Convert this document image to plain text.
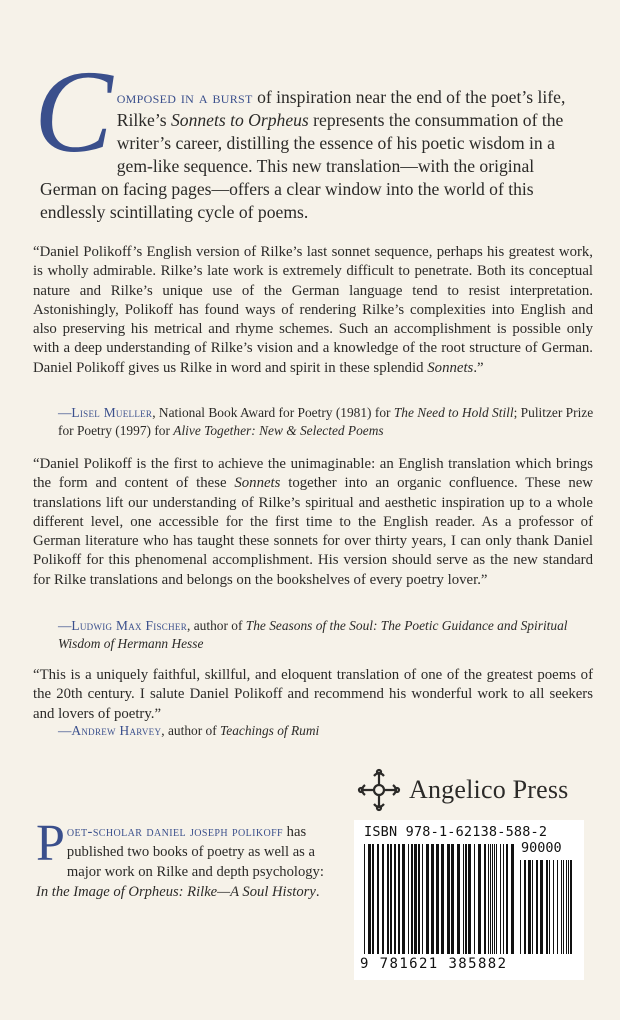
Composed in a burst of inspiration near the end of the poet’s life, Rilke’s Sonnets to Orpheus represents the consummation of the writer’s career, distilling the essence of his poetic wisdom in a gem-like sequence. This new translation—with the original German on facing pages—offers a clear window into the world of this endlessly scintillating cycle of poems.
“Daniel Polikoff’s English version of Rilke’s last sonnet sequence, perhaps his greatest work, is wholly admirable. Rilke’s late work is extremely difficult to penetrate. Both its conceptual nature and Rilke’s unique use of the German language tend to resist interpretation. Astonishingly, Polikoff has found ways of rendering Rilke’s complexities into English and also preserving his metrical and rhyme schemes. Such an accomplishment is possible only with a deep understanding of Rilke’s vision and a knowledge of the root structure of German. Daniel Polikoff gives us Rilke in word and spirit in these splendid Sonnets.”
—Lisel Mueller, National Book Award for Poetry (1981) for The Need to Hold Still; Pulitzer Prize for Poetry (1997) for Alive Together: New & Selected Poems
“Daniel Polikoff is the first to achieve the unimaginable: an English translation which brings the form and content of these Sonnets together into an organic confluence. These new translations lift our understanding of Rilke’s spiritual and aesthetic inspiration up to a whole different level, one accessible for the first time to the English reader. As a professor of German literature who has taught these sonnets for over thirty years, I can only thank Daniel Polikoff for this phenomenal accomplishment. His version should serve as the new standard for Rilke translations and belongs on the bookshelves of every poetry lover.”
—Ludwig Max Fischer, author of The Seasons of the Soul: The Poetic Guidance and Spiritual Wisdom of Hermann Hesse
“This is a uniquely faithful, skillful, and eloquent translation of one of the greatest poems of the 20th century. I salute Daniel Polikoff and recommend his wonderful work to all seekers and lovers of poetry.”
—Andrew Harvey, author of Teachings of Rumi
Angelico Press
Poet-scholar daniel joseph polikoff has published two books of poetry as well as a major work on Rilke and depth psychology: In the Image of Orpheus: Rilke—A Soul History.
ISBN 978-1-62138-588-2
90000
9 781621 385882
